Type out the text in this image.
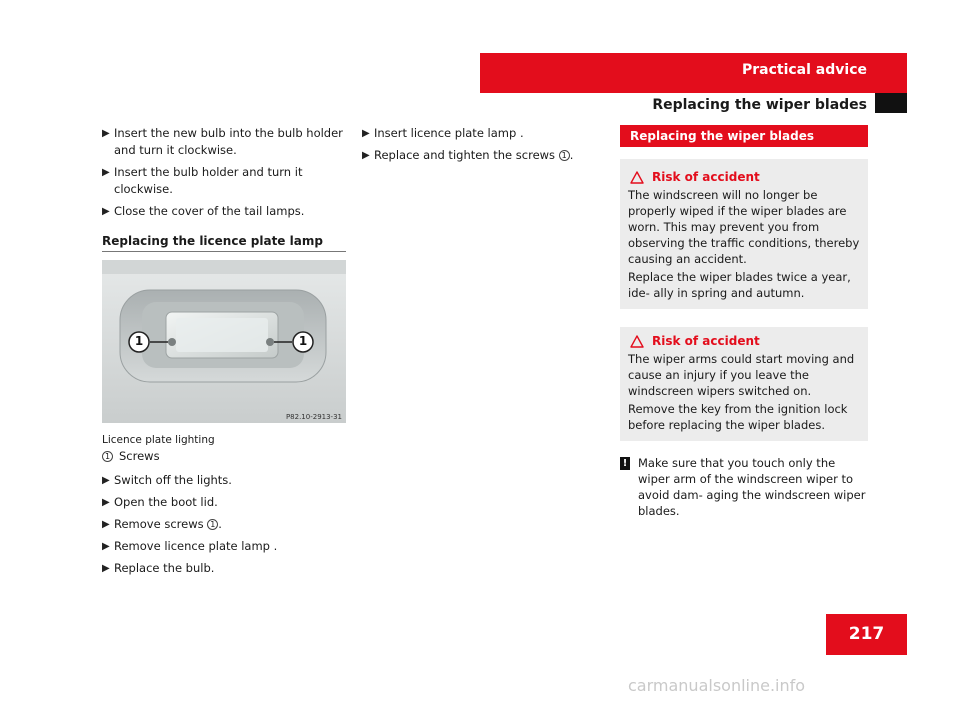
Practical advice
Replacing the wiper blades
▶ Insert the new bulb into the bulb holder and turn it clockwise.
▶ Insert the bulb holder and turn it clockwise.
▶ Close the cover of the tail lamps.
Replacing the licence plate lamp
1	1
P82.10-2913-31
Licence plate lighting
1 Screws
▶ Switch off the lights.
▶ Open the boot lid.
▶ Remove screws 1 .
▶ Remove licence plate lamp .
▶ Replace the bulb.
▶ Insert licence plate lamp .
▶ Replace and tighten the screws 1 .
Replacing the wiper blades
Risk of accident
The windscreen will no longer be properly wiped if the wiper blades are worn. This may prevent you from observing the traffic conditions, thereby causing an accident.
Replace the wiper blades twice a year, ide- ally in spring and autumn.
Risk of accident
The wiper arms could start moving and cause an injury if you leave the windscreen wipers switched on.
Remove the key from the ignition lock before replacing the wiper blades.
! Make sure that you touch only the wiper arm of the windscreen wiper to avoid dam- aging the windscreen wiper blades.
217
carmanualsonline.info
